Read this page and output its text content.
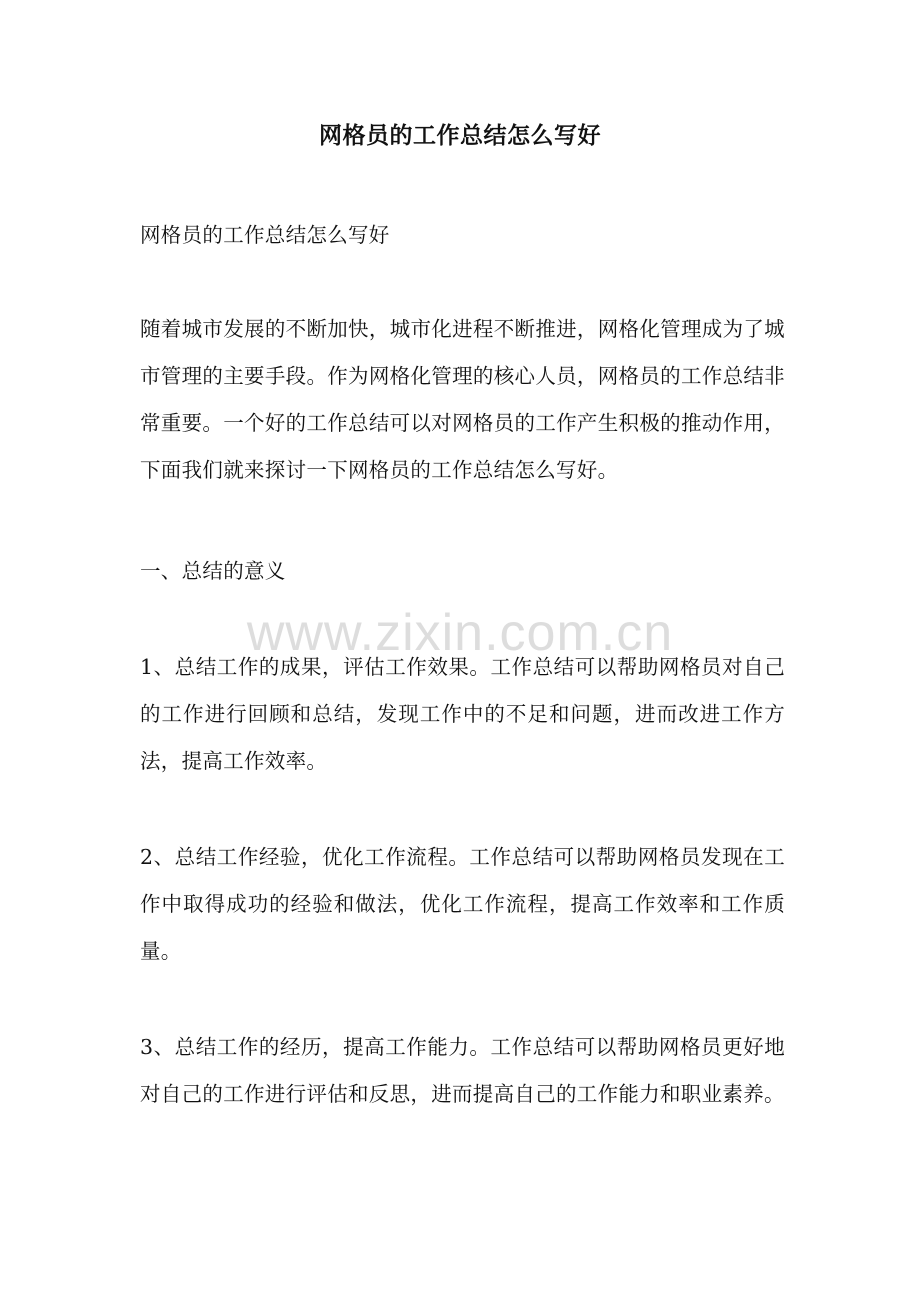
网格员的工作总结怎么写好
网格员的工作总结怎么写好
随着城市发展的不断加快，城市化进程不断推进，网格化管理成为了城市管理的主要手段。作为网格化管理的核心人员，网格员的工作总结非常重要。一个好的工作总结可以对网格员的工作产生积极的推动作用，下面我们就来探讨一下网格员的工作总结怎么写好。
一、总结的意义
1、总结工作的成果，评估工作效果。工作总结可以帮助网格员对自己的工作进行回顾和总结，发现工作中的不足和问题，进而改进工作方法，提高工作效率。
2、总结工作经验，优化工作流程。工作总结可以帮助网格员发现在工作中取得成功的经验和做法，优化工作流程，提高工作效率和工作质量。
3、总结工作的经历，提高工作能力。工作总结可以帮助网格员更好地对自己的工作进行评估和反思，进而提高自己的工作能力和职业素养。
www.zixin.com.cn
